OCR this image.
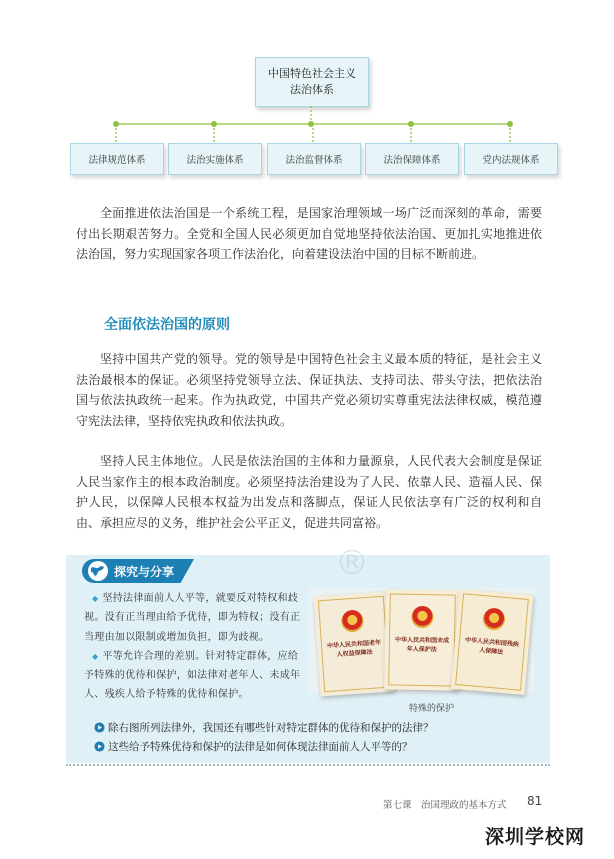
中国特色社会主义
法治体系
法律规范体系	法治实施体系	法治监督体系	法治保障体系	党内法规体系

全面推进依法治国是一个系统工程，是国家治理领域一场广泛而深刻的革命，需要付出长期艰苦努力。全党和全国人民必须更加自觉地坚持依法治国、更加扎实地推进依法治国，努力实现国家各项工作法治化，向着建设法治中国的目标不断前进。

全面依法治国的原则

坚持中国共产党的领导。党的领导是中国特色社会主义最本质的特征，是社会主义法治最根本的保证。必须坚持党领导立法、保证执法、支持司法、带头守法，把依法治国与依法执政统一起来。作为执政党，中国共产党必须切实尊重宪法法律权威，模范遵守宪法法律，坚持依宪执政和依法执政。

坚持人民主体地位。人民是依法治国的主体和力量源泉，人民代表大会制度是保证人民当家作主的根本政治制度。必须坚持法治建设为了人民、依靠人民、造福人民、保护人民，以保障人民根本权益为出发点和落脚点，保证人民依法享有广泛的权利和自由、承担应尽的义务，维护社会公平正义，促进共同富裕。

探究与分享	®
◆ 坚持法律面前人人平等，就要反对特权和歧视。没有正当理由给予优待，即为特权；没有正当理由加以限制或增加负担，即为歧视。
◆ 平等允许合理的差别。针对特定群体，应给予特殊的优待和保护，如法律对老年人、未成年人、残疾人给予特殊的优待和保护。
中华人民共和国老年人权益保障法
中华人民共和国未成年人保护法
中华人民共和国残疾人保障法

特殊的保护

除右图所列法律外，我国还有哪些针对特定群体的优待和保护的法律？

这些给予特殊优待和保护的法律是如何体现法律面前人人平等的？

第七课　治国理政的基本方式 81

深圳学校网
